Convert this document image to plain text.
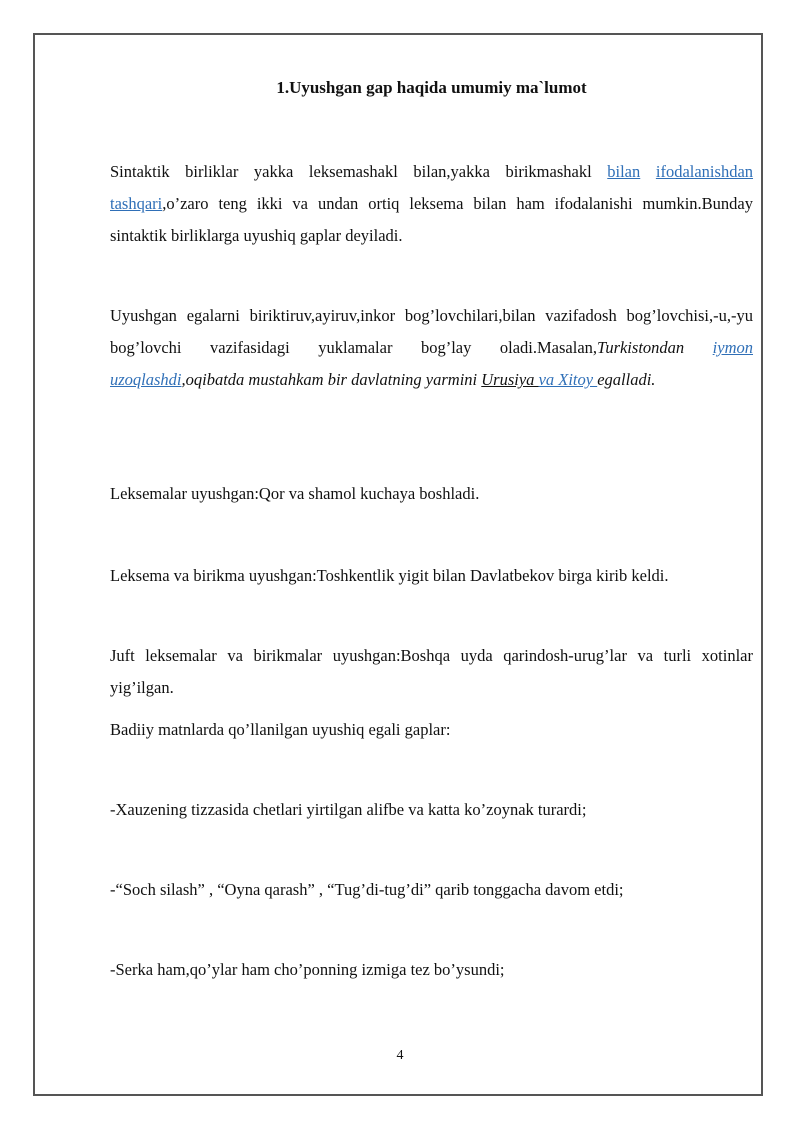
1.Uyushgan gap haqida umumiy ma`lumot

Sintaktik birliklar yakka leksemashakl bilan,yakka birikmashakl bilan ifodalanishdan tashqari,o’zaro teng ikki va undan ortiq leksema bilan ham ifodalanishi mumkin.Bunday sintaktik birliklarga uyushiq gaplar deyiladi.

Uyushgan egalarni biriktiruv,ayiruv,inkor bog’lovchilari,bilan vazifadosh bog’lovchisi,-u,-yu bog’lovchi vazifasidagi yuklamalar bog’lay oladi.Masalan,Turkistondan iymon uzoqlashdi,oqibatda mustahkam bir davlatning yarmini Urusiya va Xitoy egalladi.

Leksemalar uyushgan:Qor va shamol kuchaya boshladi.

Leksema va birikma uyushgan:Toshkentlik yigit bilan Davlatbekov birga kirib keldi.

Juft leksemalar va birikmalar uyushgan:Boshqa uyda qarindosh-urug’lar va turli xotinlar yig’ilgan.

Badiiy matnlarda qo’llanilgan uyushiq egali gaplar:

-Xauzening tizzasida chetlari yirtilgan alifbe va katta ko’zoynak turardi;

-“Soch silash” , “Oyna qarash” , “Tug’di-tug’di” qarib tonggacha davom etdi;

-Serka ham,qo’ylar ham cho’ponning izmiga tez bo’ysundi;

4
